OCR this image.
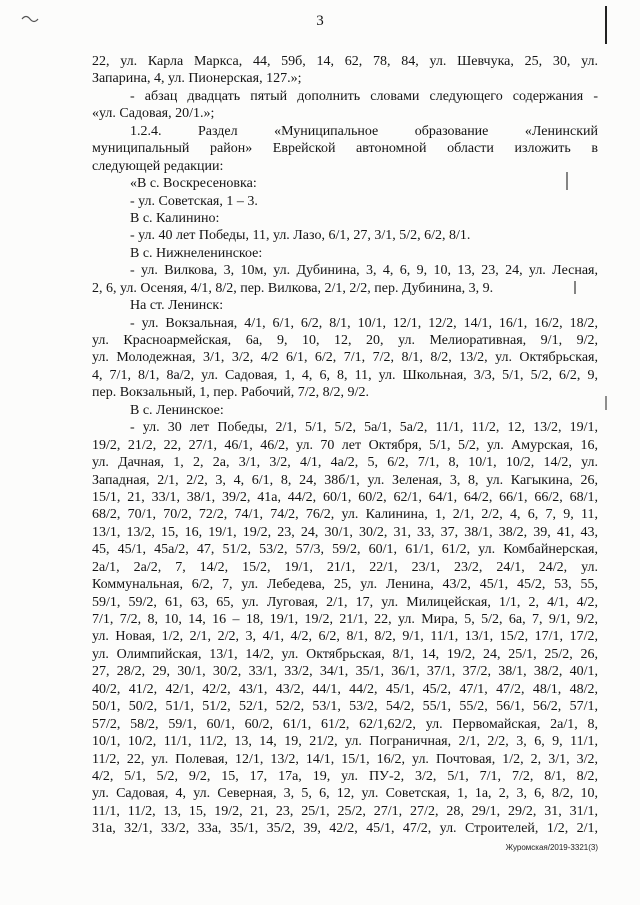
3
22, ул. Карла Маркса, 44, 59б, 14, 62, 78, 84, ул. Шевчука, 25, 30, ул.
Запарина, 4, ул. Пионерская, 127.»;
- абзац двадцать пятый дополнить словами следующего содержания -
«ул. Садовая, 20/1.»;
1.2.4. Раздел «Муниципальное образование «Ленинский
муниципальный район» Еврейской автономной области изложить в
следующей редакции:
«В с. Воскресеновка:
- ул. Советская, 1 – 3.
В с. Калинино:
- ул. 40 лет Победы, 11, ул. Лазо, 6/1, 27, 3/1, 5/2, 6/2, 8/1.
В с. Нижнеленинское:
- ул. Вилкова, 3, 10м, ул. Дубинина, 3, 4, 6, 9, 10, 13, 23, 24, ул. Лесная,
2, 6, ул. Осеняя, 4/1, 8/2, пер. Вилкова, 2/1, 2/2, пер. Дубинина, 3, 9.
На ст. Ленинск:
- ул. Вокзальная, 4/1, 6/1, 6/2, 8/1, 10/1, 12/1, 12/2, 14/1, 16/1, 16/2, 18/2,
ул. Красноармейская, 6а, 9, 10, 12, 20, ул. Мелиоративная, 9/1, 9/2,
ул. Молодежная, 3/1, 3/2, 4/2 6/1, 6/2, 7/1, 7/2, 8/1, 8/2, 13/2, ул. Октябрьская,
4, 7/1, 8/1, 8а/2, ул. Садовая, 1, 4, 6, 8, 11, ул. Школьная, 3/3, 5/1, 5/2, 6/2, 9,
пер. Вокзальный, 1, пер. Рабочий, 7/2, 8/2, 9/2.
В с. Ленинское:
- ул. 30 лет Победы, 2/1, 5/1, 5/2, 5а/1, 5а/2, 11/1, 11/2, 12, 13/2, 19/1,
19/2, 21/2, 22, 27/1, 46/1, 46/2, ул. 70 лет Октября, 5/1, 5/2, ул. Амурская, 16,
ул. Дачная, 1, 2, 2а, 3/1, 3/2, 4/1, 4а/2, 5, 6/2, 7/1, 8, 10/1, 10/2, 14/2, ул.
Западная, 2/1, 2/2, 3, 4, 6/1, 8, 24, 38б/1, ул. Зеленая, 3, 8, ул. Кагыкина, 26,
15/1, 21, 33/1, 38/1, 39/2, 41а, 44/2, 60/1, 60/2, 62/1, 64/1, 64/2, 66/1, 66/2, 68/1,
68/2, 70/1, 70/2, 72/2, 74/1, 74/2, 76/2, ул. Калинина, 1, 2/1, 2/2, 4, 6, 7, 9, 11,
13/1, 13/2, 15, 16, 19/1, 19/2, 23, 24, 30/1, 30/2, 31, 33, 37, 38/1, 38/2, 39, 41, 43,
45, 45/1, 45а/2, 47, 51/2, 53/2, 57/3, 59/2, 60/1, 61/1, 61/2, ул. Комбайнерская,
2а/1, 2а/2, 7, 14/2, 15/2, 19/1, 21/1, 22/1, 23/1, 23/2, 24/1, 24/2, ул.
Коммунальная, 6/2, 7, ул. Лебедева, 25, ул. Ленина, 43/2, 45/1, 45/2, 53, 55,
59/1, 59/2, 61, 63, 65, ул. Луговая, 2/1, 17, ул. Милицейская, 1/1, 2, 4/1, 4/2,
7/1, 7/2, 8, 10, 14, 16 – 18, 19/1, 19/2, 21/1, 22, ул. Мира, 5, 5/2, 6а, 7, 9/1, 9/2,
ул. Новая, 1/2, 2/1, 2/2, 3, 4/1, 4/2, 6/2, 8/1, 8/2, 9/1, 11/1, 13/1, 15/2, 17/1, 17/2,
ул. Олимпийская, 13/1, 14/2, ул. Октябрьская, 8/1, 14, 19/2, 24, 25/1, 25/2, 26,
27, 28/2, 29, 30/1, 30/2, 33/1, 33/2, 34/1, 35/1, 36/1, 37/1, 37/2, 38/1, 38/2, 40/1,
40/2, 41/2, 42/1, 42/2, 43/1, 43/2, 44/1, 44/2, 45/1, 45/2, 47/1, 47/2, 48/1, 48/2,
50/1, 50/2, 51/1, 51/2, 52/1, 52/2, 53/1, 53/2, 54/2, 55/1, 55/2, 56/1, 56/2, 57/1,
57/2, 58/2, 59/1, 60/1, 60/2, 61/1, 61/2, 62/1,62/2, ул. Первомайская, 2а/1, 8,
10/1, 10/2, 11/1, 11/2, 13, 14, 19, 21/2, ул. Пограничная, 2/1, 2/2, 3, 6, 9, 11/1,
11/2, 22, ул. Полевая, 12/1, 13/2, 14/1, 15/1, 16/2, ул. Почтовая, 1/2, 2, 3/1, 3/2,
4/2, 5/1, 5/2, 9/2, 15, 17, 17а, 19, ул. ПУ-2, 3/2, 5/1, 7/1, 7/2, 8/1, 8/2,
ул. Садовая, 4, ул. Северная, 3, 5, 6, 12, ул. Советская, 1, 1а, 2, 3, 6, 8/2, 10,
11/1, 11/2, 13, 15, 19/2, 21, 23, 25/1, 25/2, 27/1, 27/2, 28, 29/1, 29/2, 31, 31/1,
31а, 32/1, 33/2, 33а, 35/1, 35/2, 39, 42/2, 45/1, 47/2, ул. Строителей, 1/2, 2/1,
Журомская/2019-3321(3)
